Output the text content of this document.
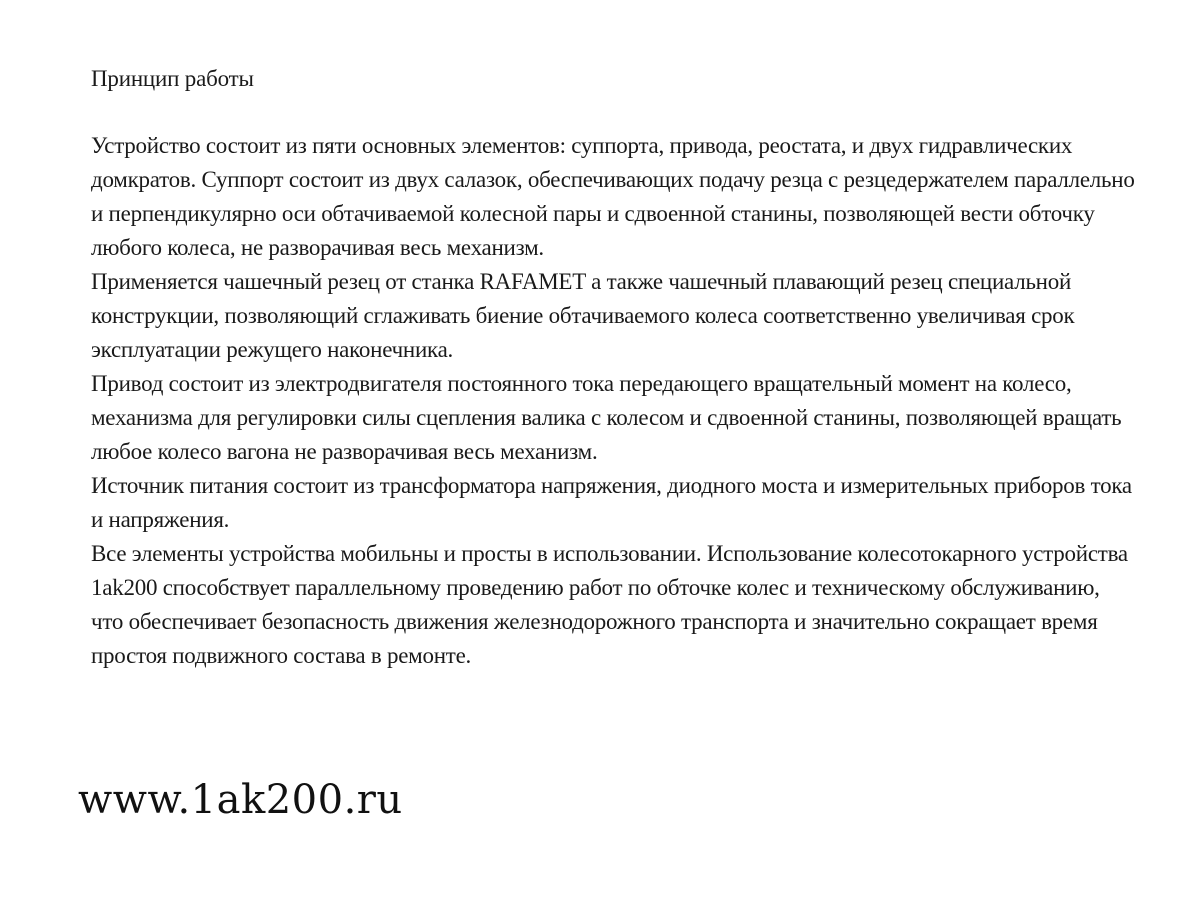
Принцип работы

Устройство состоит из пяти основных элементов: суппорта, привода, реостата, и двух гидравлических домкратов. Суппорт состоит из двух салазок, обеспечивающих подачу резца с резцедержателем параллельно и перпендикулярно оси обтачиваемой колесной пары и сдвоенной станины, позволяющей вести обточку любого колеса, не разворачивая весь механизм.

Применяется чашечный резец от станка RAFAMET а также чашечный плавающий резец специальной конструкции, позволяющий сглаживать биение обтачиваемого колеса соответственно увеличивая срок эксплуатации режущего наконечника.

Привод состоит из электродвигателя постоянного тока передающего вращательный момент на колесо, механизма для регулировки силы сцепления валика с колесом и сдвоенной станины, позволяющей вращать любое колесо вагона не разворачивая весь механизм.

Источник питания состоит из трансформатора напряжения, диодного моста и измерительных приборов тока и напряжения.

Все элементы устройства мобильны и просты в использовании. Использование колесотокарного устройства 1ak200 способствует параллельному проведению работ по обточке колес и техническому обслуживанию, что обеспечивает безопасность движения железнодорожного транспорта и значительно сокращает время простоя подвижного состава в ремонте.

www.1ak200.ru
